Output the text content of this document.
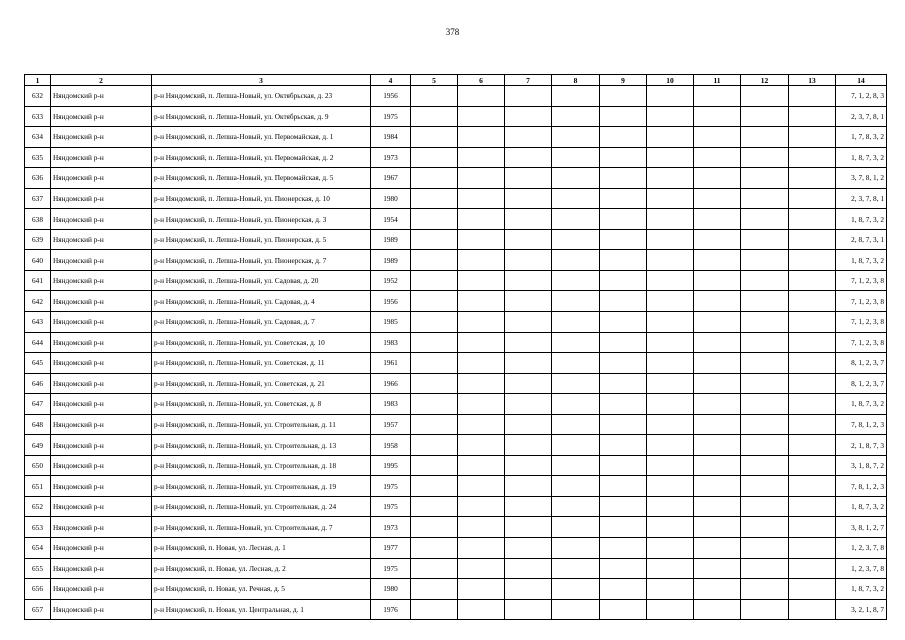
378
1	2	3	4	5	6	7	8	9	10	11	12	13	14
632	Няндомский р-н	р-н Няндомский, п. Лепша-Новый, ул. Октябрьская, д. 23	1956										7, 1, 2, 8, 3
633	Няндомский р-н	р-н Няндомский, п. Лепша-Новый, ул. Октябрьская, д. 9	1975										2, 3, 7, 8, 1
634	Няндомский р-н	р-н Няндомский, п. Лепша-Новый, ул. Первомайская, д. 1	1984										1, 7, 8, 3, 2
635	Няндомский р-н	р-н Няндомский, п. Лепша-Новый, ул. Первомайская, д. 2	1973										1, 8, 7, 3, 2
636	Няндомский р-н	р-н Няндомский, п. Лепша-Новый, ул. Первомайская, д. 5	1967										3, 7, 8, 1, 2
637	Няндомский р-н	р-н Няндомский, п. Лепша-Новый, ул. Пионерская, д. 10	1980										2, 3, 7, 8, 1
638	Няндомский р-н	р-н Няндомский, п. Лепша-Новый, ул. Пионерская, д. 3	1954										1, 8, 7, 3, 2
639	Няндомский р-н	р-н Няндомский, п. Лепша-Новый, ул. Пионерская, д. 5	1989										2, 8, 7, 3, 1
640	Няндомский р-н	р-н Няндомский, п. Лепша-Новый, ул. Пионерская, д. 7	1989										1, 8, 7, 3, 2
641	Няндомский р-н	р-н Няндомский, п. Лепша-Новый, ул. Садовая, д. 20	1952										7, 1, 2, 3, 8
642	Няндомский р-н	р-н Няндомский, п. Лепша-Новый, ул. Садовая, д. 4	1956										7, 1, 2, 3, 8
643	Няндомский р-н	р-н Няндомский, п. Лепша-Новый, ул. Садовая, д. 7	1985										7, 1, 2, 3, 8
644	Няндомский р-н	р-н Няндомский, п. Лепша-Новый, ул. Советская, д. 10	1983										7, 1, 2, 3, 8
645	Няндомский р-н	р-н Няндомский, п. Лепша-Новый, ул. Советская, д. 11	1961										8, 1, 2, 3, 7
646	Няндомский р-н	р-н Няндомский, п. Лепша-Новый, ул. Советская, д. 21	1966										8, 1, 2, 3, 7
647	Няндомский р-н	р-н Няндомский, п. Лепша-Новый, ул. Советская, д. 8	1983										1, 8, 7, 3, 2
648	Няндомский р-н	р-н Няндомский, п. Лепша-Новый, ул. Строительная, д. 11	1957										7, 8, 1, 2, 3
649	Няндомский р-н	р-н Няндомский, п. Лепша-Новый, ул. Строительная, д. 13	1958										2, 1, 8, 7, 3
650	Няндомский р-н	р-н Няндомский, п. Лепша-Новый, ул. Строительная, д. 18	1995										3, 1, 8, 7, 2
651	Няндомский р-н	р-н Няндомский, п. Лепша-Новый, ул. Строительная, д. 19	1975										7, 8, 1, 2, 3
652	Няндомский р-н	р-н Няндомский, п. Лепша-Новый, ул. Строительная, д. 24	1975										1, 8, 7, 3, 2
653	Няндомский р-н	р-н Няндомский, п. Лепша-Новый, ул. Строительная, д. 7	1973										3, 8, 1, 2, 7
654	Няндомский р-н	р-н Няндомский, п. Новая, ул. Лесная, д. 1	1977										1, 2, 3, 7, 8
655	Няндомский р-н	р-н Няндомский, п. Новая, ул. Лесная, д. 2	1975										1, 2, 3, 7, 8
656	Няндомский р-н	р-н Няндомский, п. Новая, ул. Речная, д. 5	1980										1, 8, 7, 3, 2
657	Няндомский р-н	р-н Няндомский, п. Новая, ул. Центральная, д. 1	1976										3, 2, 1, 8, 7
